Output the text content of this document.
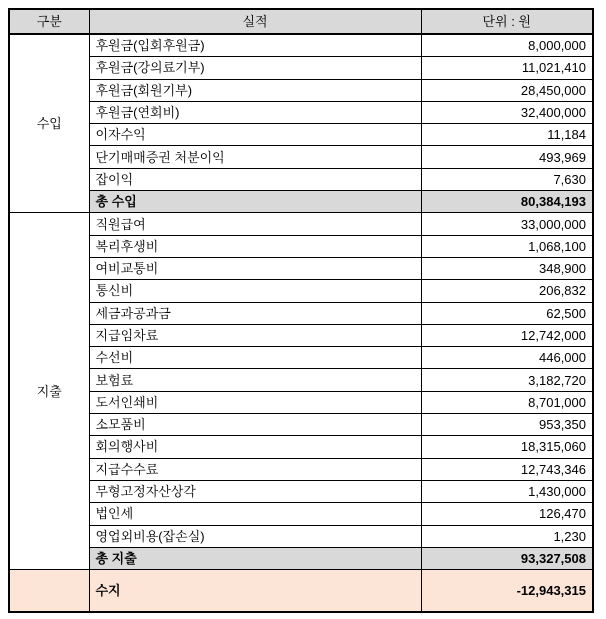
구분	실적	단위 : 원
수입	후원금(입회후원금)	8,000,000
	후원금(강의료기부)	11,021,410
	후원금(회원기부)	28,450,000
	후원금(연회비)	32,400,000
	이자수익	11,184
	단기매매증권 처분이익	493,969
	잡이익	7,630
	총 수입	80,384,193
지출	직원급여	33,000,000
	복리후생비	1,068,100
	여비교통비	348,900
	통신비	206,832
	세금과공과금	62,500
	지급임차료	12,742,000
	수선비	446,000
	보험료	3,182,720
	도서인쇄비	8,701,000
	소모품비	953,350
	회의행사비	18,315,060
	지급수수료	12,743,346
	무형고정자산상각	1,430,000
	법인세	126,470
	영업외비용(잡손실)	1,230
	총 지출	93,327,508
	수지	-12,943,315
